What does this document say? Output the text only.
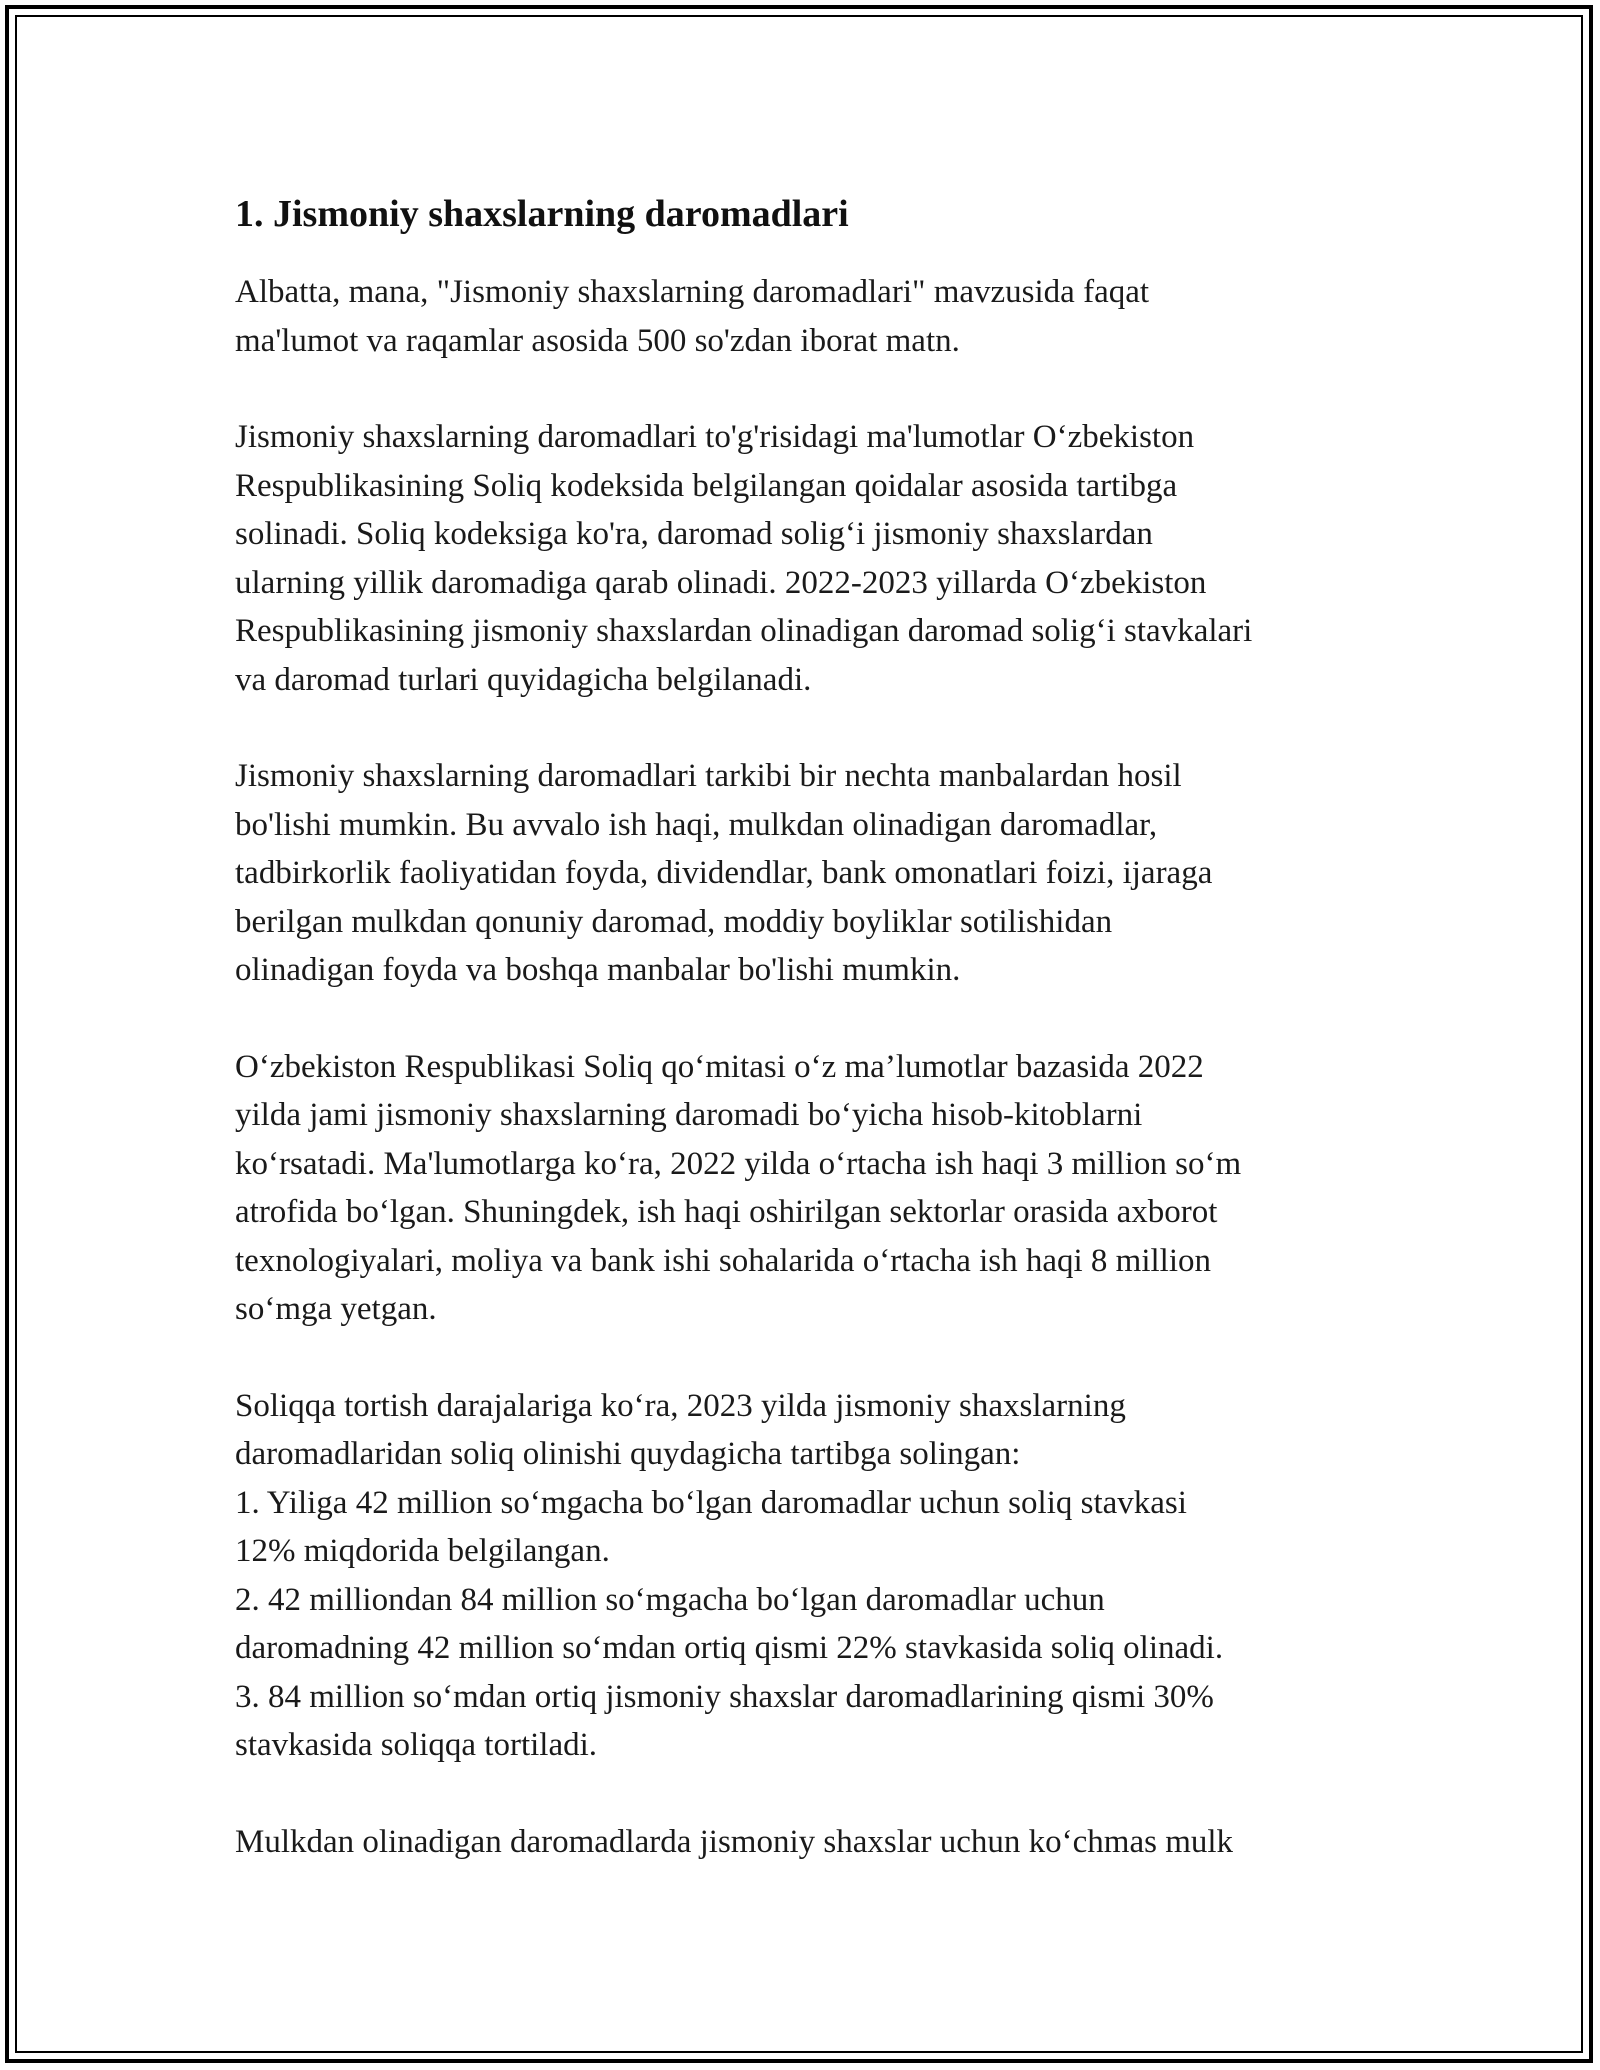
1. Jismoniy shaxslarning daromadlari

Albatta, mana, "Jismoniy shaxslarning daromadlari" mavzusida faqat
ma'lumot va raqamlar asosida 500 so'zdan iborat matn.

Jismoniy shaxslarning daromadlari to'g'risidagi ma'lumotlar O‘zbekiston
Respublikasining Soliq kodeksida belgilangan qoidalar asosida tartibga
solinadi. Soliq kodeksiga ko'ra, daromad solig‘i jismoniy shaxslardan
ularning yillik daromadiga qarab olinadi. 2022-2023 yillarda O‘zbekiston
Respublikasining jismoniy shaxslardan olinadigan daromad solig‘i stavkalari
va daromad turlari quyidagicha belgilanadi.

Jismoniy shaxslarning daromadlari tarkibi bir nechta manbalardan hosil
bo'lishi mumkin. Bu avvalo ish haqi, mulkdan olinadigan daromadlar,
tadbirkorlik faoliyatidan foyda, dividendlar, bank omonatlari foizi, ijaraga
berilgan mulkdan qonuniy daromad, moddiy boyliklar sotilishidan
olinadigan foyda va boshqa manbalar bo'lishi mumkin.

O‘zbekiston Respublikasi Soliq qo‘mitasi o‘z ma’lumotlar bazasida 2022
yilda jami jismoniy shaxslarning daromadi bo‘yicha hisob-kitoblarni
ko‘rsatadi. Ma'lumotlarga ko‘ra, 2022 yilda o‘rtacha ish haqi 3 million so‘m
atrofida bo‘lgan. Shuningdek, ish haqi oshirilgan sektorlar orasida axborot
texnologiyalari, moliya va bank ishi sohalarida o‘rtacha ish haqi 8 million
so‘mga yetgan.

Soliqqa tortish darajalariga ko‘ra, 2023 yilda jismoniy shaxslarning
daromadlaridan soliq olinishi quydagicha tartibga solingan:
1. Yiliga 42 million so‘mgacha bo‘lgan daromadlar uchun soliq stavkasi
12% miqdorida belgilangan.
2. 42 milliondan 84 million so‘mgacha bo‘lgan daromadlar uchun
daromadning 42 million so‘mdan ortiq qismi 22% stavkasida soliq olinadi.
3. 84 million so‘mdan ortiq jismoniy shaxslar daromadlarining qismi 30%
stavkasida soliqqa tortiladi.

Mulkdan olinadigan daromadlarda jismoniy shaxslar uchun ko‘chmas mulk
